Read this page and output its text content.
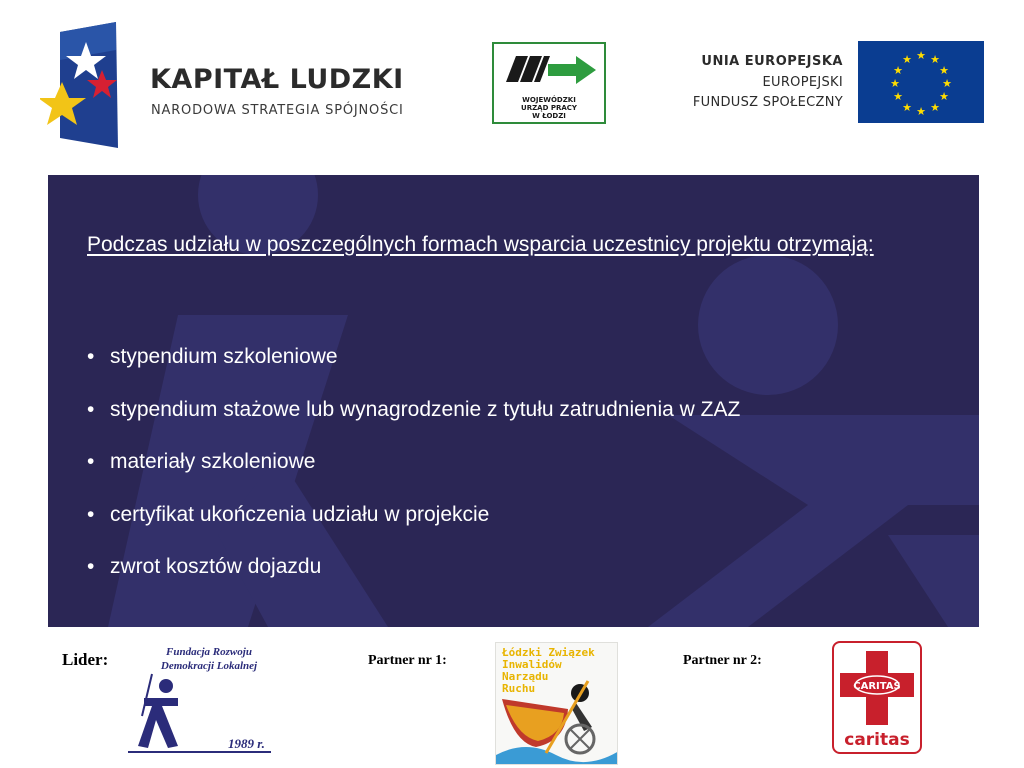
KAPITAŁ LUDZKI
NARODOWA STRATEGIA SPÓJNOŚCI
WOJEWÓDZKI
URZĄD PRACY
W ŁODZI
UNIA EUROPEJSKA
EUROPEJSKI
FUNDUSZ SPOŁECZNY
★ ★
★
★
★
★
★
★
★
★
★
★
Podczas udziału w poszczególnych formach wsparcia uczestnicy projektu otrzymają:
• stypendium szkoleniowe
• stypendium stażowe lub wynagrodzenie z tytułu zatrudnienia w ZAZ
• materiały szkoleniowe
• certyfikat ukończenia udziału w projekcie
• zwrot kosztów dojazdu
Lider:	Fundacja Rozwoju
Demokracji Lokalnej
1989 r.
Partner nr 1:
Łódzki Związek
Inwalidów
Narządu
Ruchu
Partner nr 2:
CARITAS
caritas
